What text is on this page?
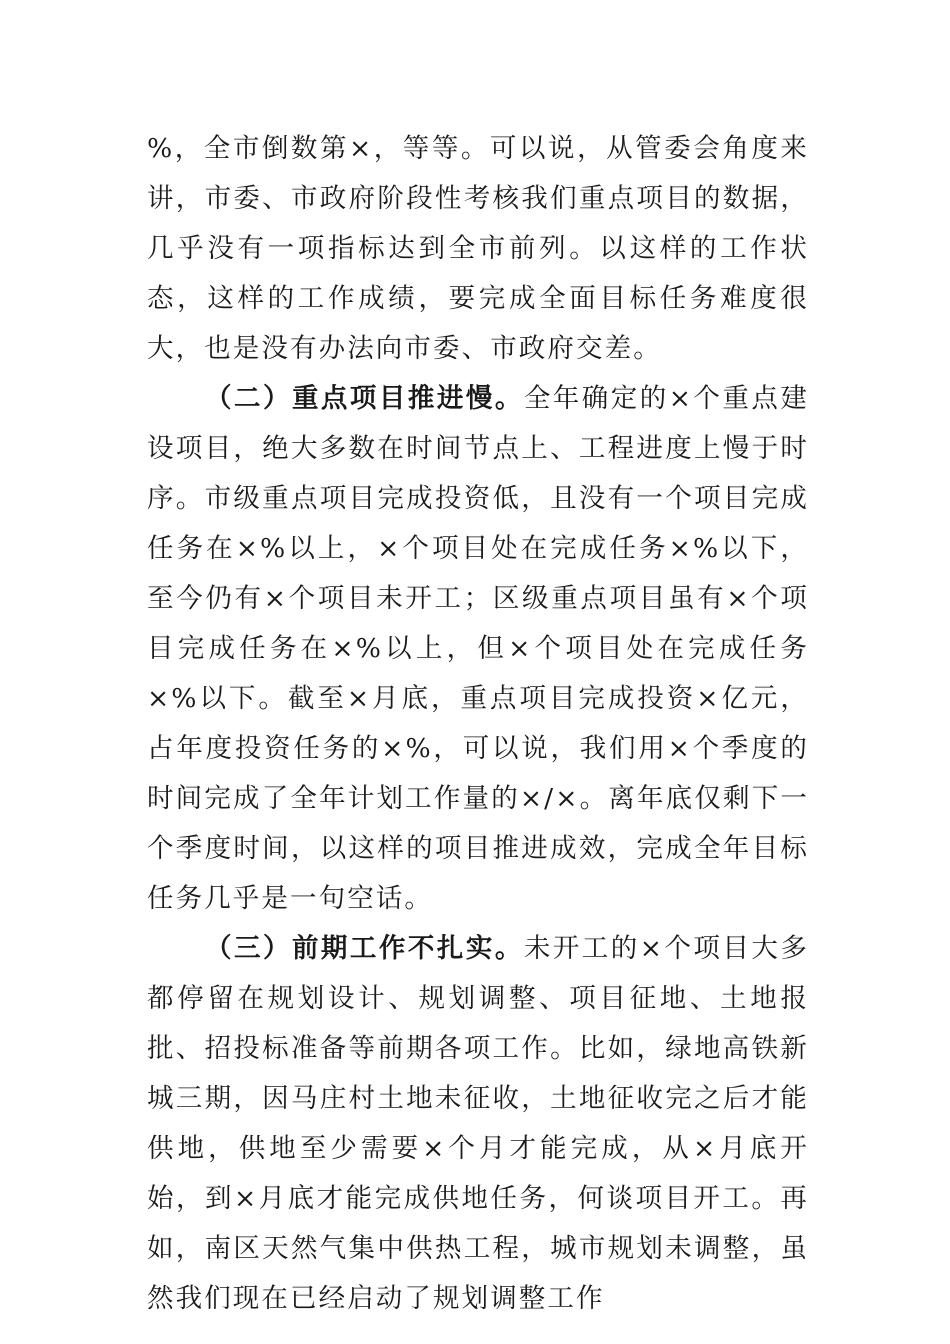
%，全市倒数第×，等等。可以说，从管委会角度来讲，市委、市政府阶段性考核我们重点项目的数据，几乎没有一项指标达到全市前列。以这样的工作状态，这样的工作成绩，要完成全面目标任务难度很大，也是没有办法向市委、市政府交差。

（二）重点项目推进慢。全年确定的×个重点建设项目，绝大多数在时间节点上、工程进度上慢于时序。市级重点项目完成投资低，且没有一个项目完成任务在×%以上，×个项目处在完成任务×%以下，至今仍有×个项目未开工；区级重点项目虽有×个项目完成任务在×%以上，但×个项目处在完成任务×%以下。截至×月底，重点项目完成投资×亿元，占年度投资任务的×%，可以说，我们用×个季度的时间完成了全年计划工作量的×/×。离年底仅剩下一个季度时间，以这样的项目推进成效，完成全年目标任务几乎是一句空话。

（三）前期工作不扎实。未开工的×个项目大多都停留在规划设计、规划调整、项目征地、土地报批、招投标准备等前期各项工作。比如，绿地高铁新城三期，因马庄村土地未征收，土地征收完之后才能供地，供地至少需要×个月才能完成，从×月底开始，到×月底才能完成供地任务，何谈项目开工。再如，南区天然气集中供热工程，城市规划未调整，虽然我们现在已经启动了规划调整工作
